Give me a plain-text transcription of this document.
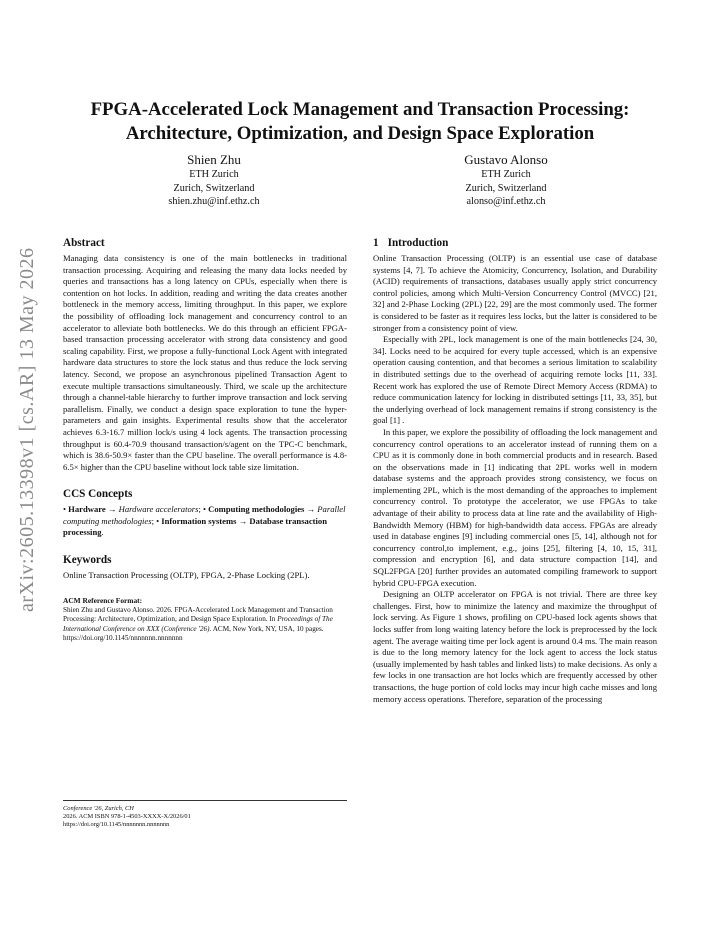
FPGA-Accelerated Lock Management and Transaction Processing:
Architecture, Optimization, and Design Space Exploration
Shien Zhu
ETH Zurich
Zurich, Switzerland
shien.zhu@inf.ethz.ch
Gustavo Alonso
ETH Zurich
Zurich, Switzerland
alonso@inf.ethz.ch
arXiv:2605.13398v1 [cs.AR] 13 May 2026
Abstract

Managing data consistency is one of the main bottlenecks in traditional transaction processing. Acquiring and releasing the many data locks needed by queries and transactions has a long latency on CPUs, especially when there is contention on hot locks. In addition, reading and writing the data creates another bottleneck in the memory access, limiting throughput. In this paper, we explore the possibility of offloading lock management and concurrency control to an accelerator to alleviate both bottlenecks. We do this through an efficient FPGA-based transaction processing accelerator with strong data consistency and good scaling capability. First, we propose a fully-functional Lock Agent with integrated hardware data structures to store the lock status and thus reduce the lock serving latency. Second, we propose an asynchronous pipelined Transaction Agent to execute multiple transactions simultaneously. Third, we scale up the architecture through a channel-table hierarchy to further improve transaction and lock serving parallelism. Finally, we conduct a design space exploration to tune the hyper-parameters and gain insights. Experimental results show that the accelerator achieves 6.3-16.7 million lock/s using 4 lock agents. The transaction processing throughput is 60.4-70.9 thousand transaction/s/agent on the TPC-C benchmark, which is 38.6-50.9× faster than the CPU baseline. The overall performance is 4.8-6.5× higher than the CPU baseline without lock table size limitation.

CCS Concepts
• Hardware → Hardware accelerators; • Computing methodologies → Parallel computing methodologies; • Information systems → Database transaction processing.
Keywords

Online Transaction Processing (OLTP), FPGA, 2-Phase Locking (2PL).

ACM Reference Format:
Shien Zhu and Gustavo Alonso. 2026. FPGA-Accelerated Lock Management and Transaction Processing: Architecture, Optimization, and Design Space Exploration. In Proceedings of The International Conference on XXX (Conference '26). ACM, New York, NY, USA, 10 pages. https://doi.org/10.1145/nnnnnnn.nnnnnnn
Conference '26, Zurich, CH
2026. ACM ISBN 978-1-4503-XXXX-X/2026/01
https://doi.org/10.1145/nnnnnnn.nnnnnnn
1 Introduction

Online Transaction Processing (OLTP) is an essential use case of database systems [4, 7]. To achieve the Atomicity, Concurrency, Isolation, and Durability (ACID) requirements of transactions, databases usually apply strict concurrency control policies, among which Multi-Version Concurrency Control (MVCC) [21, 32] and 2-Phase Locking (2PL) [22, 29] are the most commonly used. The former is considered to be faster as it requires less locks, but the latter is considered to be stronger from a consistency point of view.

Especially with 2PL, lock management is one of the main bottlenecks [24, 30, 34]. Locks need to be acquired for every tuple accessed, which is an expensive operation causing contention, and that becomes a serious limitation to scalability in distributed settings due to the overhead of acquiring remote locks [11, 33]. Recent work has explored the use of Remote Direct Memory Access (RDMA) to reduce communication latency for locking in distributed settings [11, 33, 35], but the underlying overhead of lock management remains if strong consistency is the goal [1] .

In this paper, we explore the possibility of offloading the lock management and concurrency control operations to an accelerator instead of running them on a CPU as it is commonly done in both commercial products and in research. Based on the observations made in [1] indicating that 2PL works well in modern database systems and the approach provides strong consistency, we focus on implementing 2PL, which is the most demanding of the approaches to implement concurrency control. To prototype the accelerator, we use FPGAs to take advantage of their ability to process data at line rate and the availability of High-Bandwidth Memory (HBM) for high-bandwidth data access. FPGAs are already used in database engines [9] including commercial ones [5, 14], although not for concurrency control,to implement, e.g., joins [25], filtering [4, 10, 15, 31], compression and encryption [6], and data structure compaction [14], and SQL2FPGA [20] further provides an automated compiling framework to support hybrid CPU-FPGA execution.

Designing an OLTP accelerator on FPGA is not trivial. There are three key challenges. First, how to minimize the latency and maximize the throughput of lock serving. As Figure 1 shows, profiling on CPU-based lock agents shows that locks suffer from long waiting latency before the lock is preprocessed by the lock agent. The average waiting time per lock agent is around 0.4 ms. The main reason is due to the long memory latency for the lock agent to access the lock status (usually implemented by hash tables and linked lists) to make decisions. As only a few locks in one transaction are hot locks which are frequently accessed by other transactions, the huge portion of cold locks may incur high cache misses and long memory access operations. Therefore, separation of the processing
